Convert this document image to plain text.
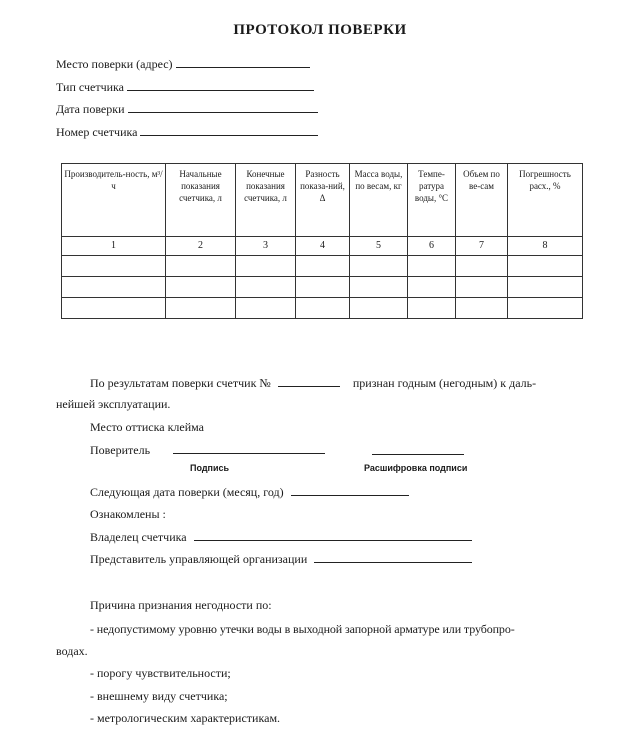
ПРОТОКОЛ ПОВЕРКИ
Место поверки (адрес)
Тип счетчика
Дата поверки
Номер счетчика
Производитель-ность, м³/ч	Начальные показания счетчика, л	Конечные показания счетчика, л	Разность показа-ний, Δ	Масса воды, по весам, кг	Темпе-ратура воды, °С	Объем по ве-сам	Погрешность расх., %
1	2	3	4	5	6	7	8

По результатам поверки счетчик №	признан годным (негодным) к даль-
нейшей эксплуатации.
Место оттиска клейма
Поверитель
Подпись	Расшифровка подписи
Следующая дата поверки (месяц, год)
Ознакомлены :
Владелец счетчика
Представитель управляющей организации
Причина признания негодности по:
- недопустимому уровню утечки воды в выходной запорной арматуре или трубопро-
водах.
- порогу чувствительности;
- внешнему виду счетчика;
- метрологическим характеристикам.
